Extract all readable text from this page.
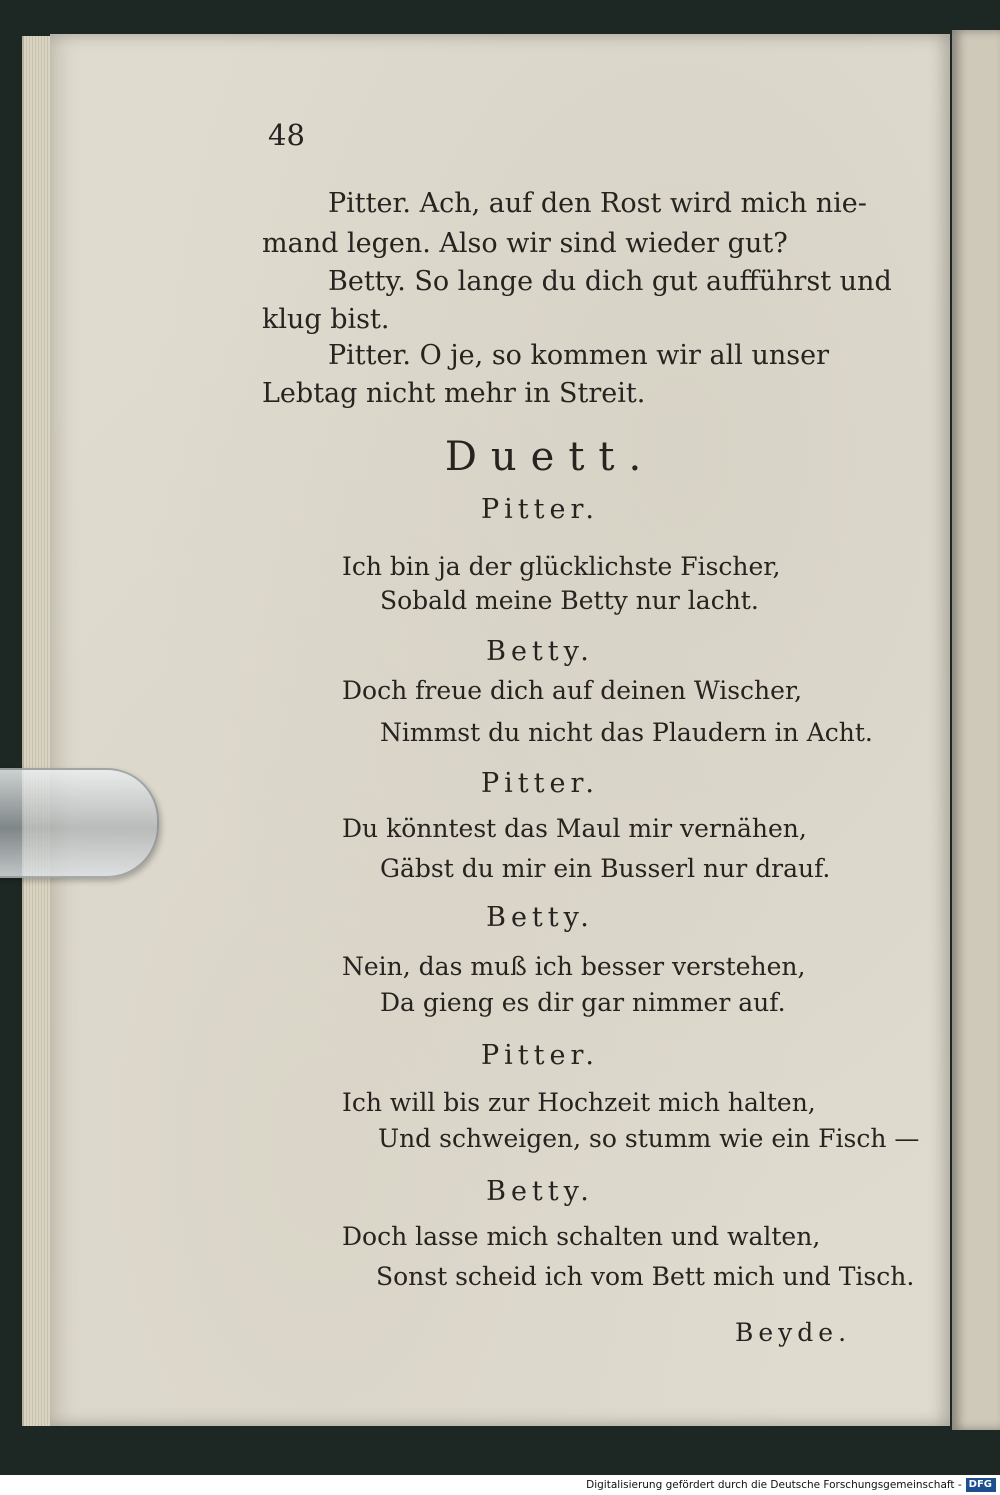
48
Pitter. Ach, auf den Rost wird mich nie-
mand legen. Also wir sind wieder gut?
Betty. So lange du dich gut aufführst und
klug bist.
Pitter. O je, so kommen wir all unser
Lebtag nicht mehr in Streit.
Duett.
Pitter.
Ich bin ja der glücklichste Fischer,
Sobald meine Betty nur lacht.
Betty.
Doch freue dich auf deinen Wischer,
Nimmst du nicht das Plaudern in Acht.
Pitter.
Du könntest das Maul mir vernähen,
Gäbst du mir ein Busserl nur drauf.
Betty.
Nein, das muß ich besser verstehen,
Da gieng es dir gar nimmer auf.
Pitter.
Ich will bis zur Hochzeit mich halten,
Und schweigen, so stumm wie ein Fisch —
Betty.
Doch lasse mich schalten und walten,
Sonst scheid ich vom Bett mich und Tisch.
Beyde.
Digitalisierung gefördert durch die Deutsche Forschungsgemeinschaft - DFG
